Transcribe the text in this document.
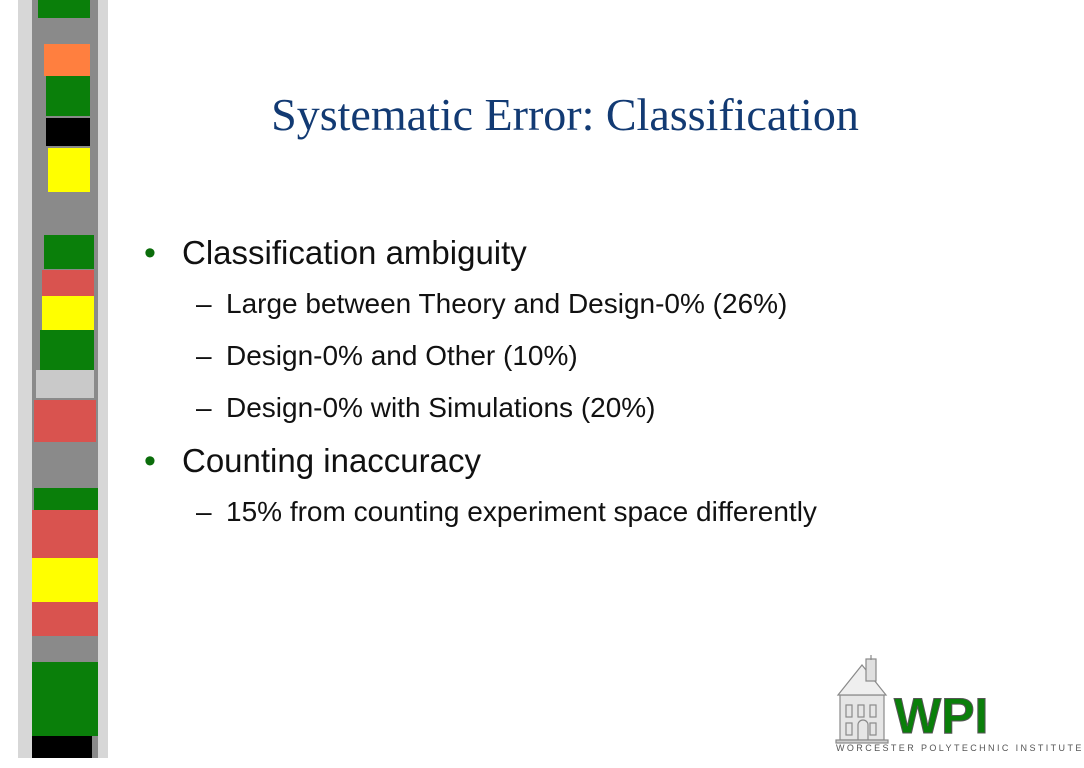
Systematic Error: Classification
• Classification ambiguity
– Large between Theory and Design-0% (26%)
– Design-0% and Other (10%)
– Design-0% with Simulations (20%)
• Counting inaccuracy
– 15% from counting experiment space differently
WPI
WORCESTER POLYTECHNIC INSTITUTE
